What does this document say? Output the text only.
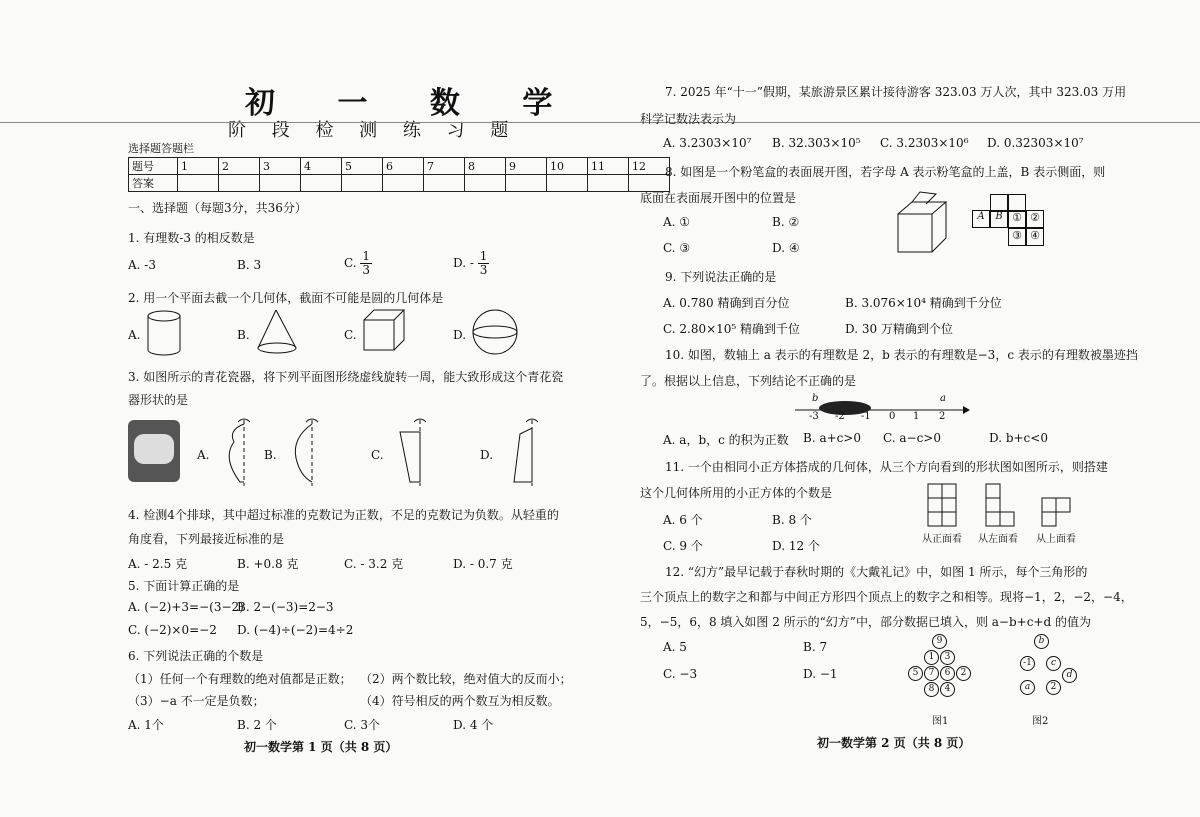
初 一 数 学
阶 段 检 测 练 习 题
选择题答题栏
题号	1	2	3	4	5	6	7	8	9	10	11	12
答案												
一、选择题（每题3分，共36分）
1. 有理数-3 的相反数是
A. -3	B. 3	C. $\frac{1}{3}$	D. - $\frac{1}{3}$
2. 用一个平面去截一个几何体，截面不可能是圆的几何体是
A.	B.	C.	D.
3. 如图所示的青花瓷器，将下列平面图形绕虚线旋转一周，能大致形成这个青花瓷
器形状的是
A.	B.	C.	D.
4. 检测4个排球，其中超过标准的克数记为正数，不足的克数记为负数。从轻重的
角度看，下列最接近标准的是
A. - 2.5 克	B. +0.8 克	C. - 3.2 克	D. - 0.7 克
5. 下面计算正确的是
A. (−2)+3=−(3−2)
B. 2−(−3)=2−3
C. (−2)×0=−2 D. (−4)÷(−2)=4÷2
6. 下列说法正确的个数是
（1）任何一个有理数的绝对值都是正数； （2）两个数比较，绝对值大的反而小；
（3）−a 不一定是负数；	（4）符号相反的两个数互为相反数。
A. 1个	B. 2 个	C. 3个	D. 4 个
初一数学第 1 页（共 8 页）
7. 2025 年“十一”假期，某旅游景区累计接待游客 323.03 万人次，其中 323.03 万用
科学记数法表示为
A. 3.2303×10⁷ B. 32.303×10⁵ C. 3.2303×10⁶ D. 0.32303×10⁷
8. 如图是一个粉笔盒的表面展开图，若字母 A 表示粉笔盒的上盖，B 表示侧面，则
底面在表面展开图中的位置是
A. ①	B. ②
C. ③	D. ④
A	B ① ②
③ ④
9. 下列说法正确的是
A. 0.780 精确到百分位	B. 3.076×10⁴ 精确到千分位
C. 2.80×10⁵ 精确到千位	D. 30 万精确到个位
10. 如图，数轴上 a 表示的有理数是 2，b 表示的有理数是−3，c 表示的有理数被墨迹挡
了。根据以上信息，下列结论不正确的是
-3 -2 -1 0 1 2
b	a
A. a，b，c 的积为正数 B. a+c>0 C. a−c>0	D. b+c<0
11. 一个由相同小正方体搭成的几何体，从三个方向看到的形状图如图所示，则搭建
这个几何体所用的小正方体的个数是
A. 6 个	B. 8 个
C. 9 个	D. 12 个	从正面看 从左面看 从上面看
12. “幻方”最早记载于春秋时期的《大戴礼记》中，如图 1 所示，每个三角形的
三个顶点上的数字之和都与中间正方形四个顶点上的数字之和相等。现将−1，2，−2，−4，
5，−5，6，8 填入如图 2 所示的“幻方”中，部分数据已填入，则 a−b+c+d 的值为
A. 5	B. 7
C. −3	D. −1
9
1	3
5	7	6	2
8	4
图1
b
-1	c
a
d
2
图2
初一数学第 2 页（共 8 页）
